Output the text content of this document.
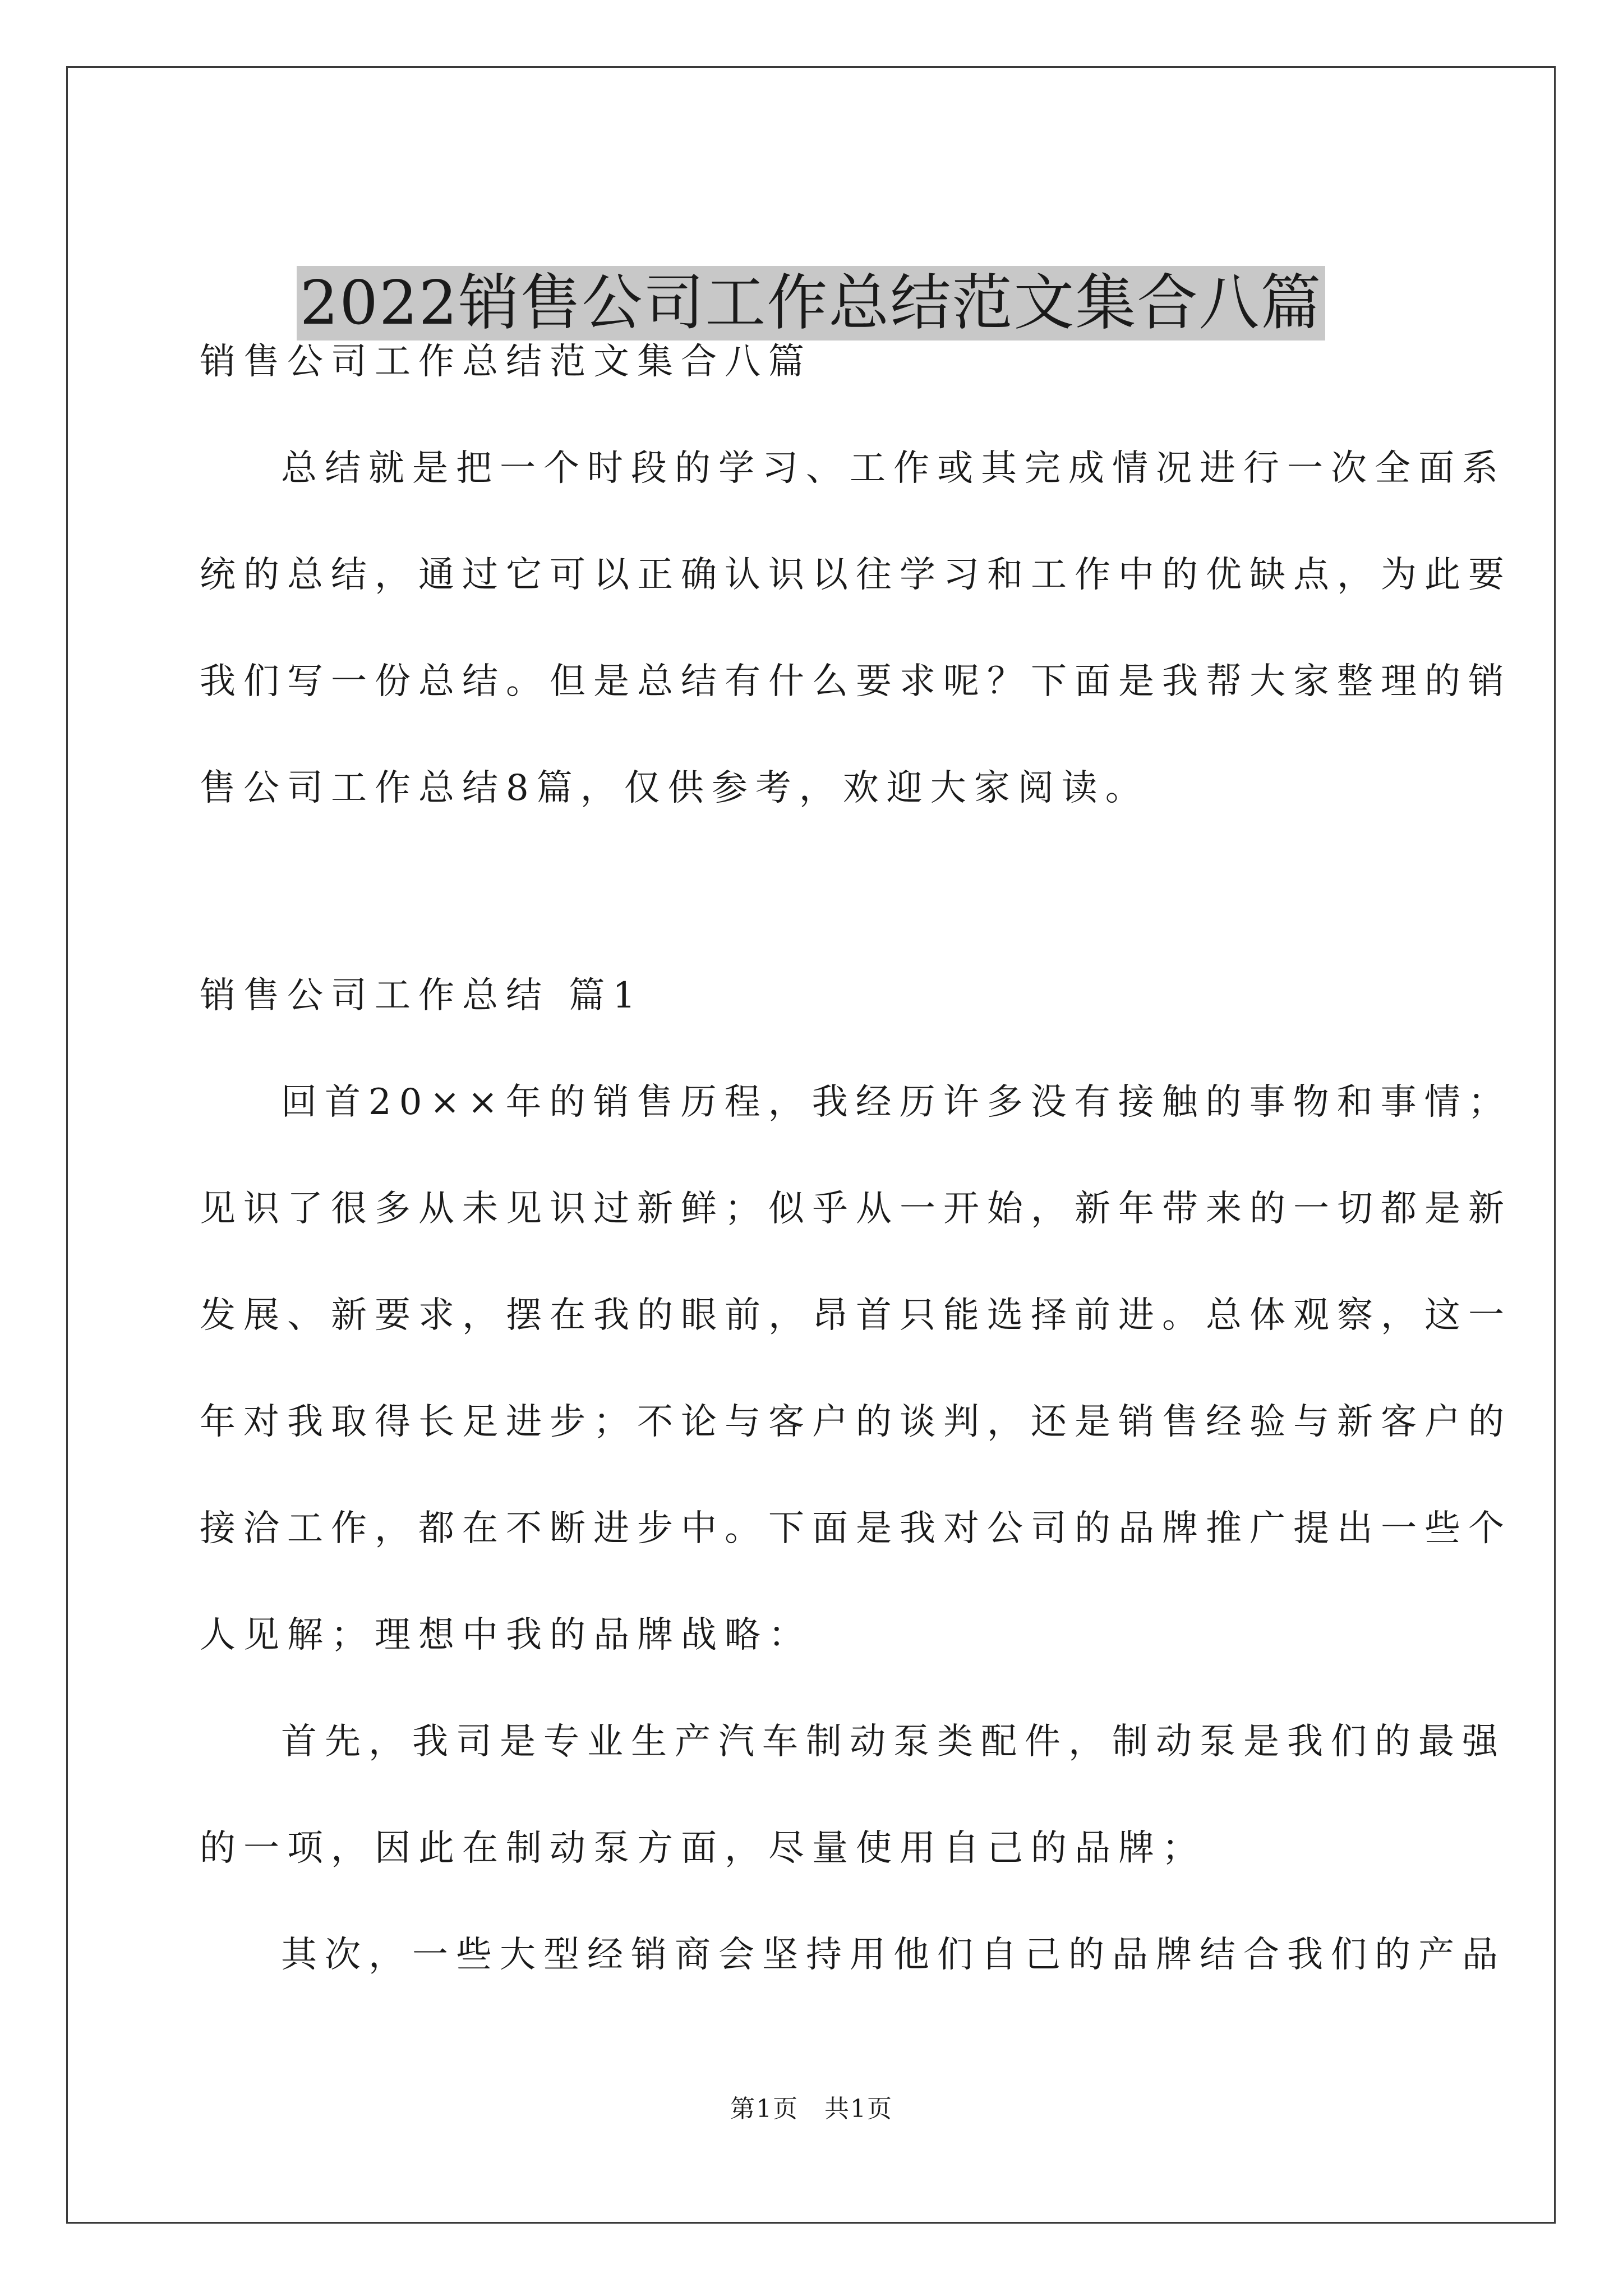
2022销售公司工作总结范文集合八篇
销售公司工作总结范文集合八篇
总结就是把一个时段的学习、工作或其完成情况进行一次全面系
统的总结，通过它可以正确认识以往学习和工作中的优缺点，为此要
我们写一份总结。但是总结有什么要求呢？下面是我帮大家整理的销
售公司工作总结8篇，仅供参考，欢迎大家阅读。
销售公司工作总结 篇1
回首20××年的销售历程，我经历许多没有接触的事物和事情；
见识了很多从未见识过新鲜；似乎从一开始，新年带来的一切都是新
发展、新要求，摆在我的眼前，昂首只能选择前进。总体观察，这一
年对我取得长足进步；不论与客户的谈判，还是销售经验与新客户的
接洽工作，都在不断进步中。下面是我对公司的品牌推广提出一些个
人见解；理想中我的品牌战略：
首先，我司是专业生产汽车制动泵类配件，制动泵是我们的最强
的一项，因此在制动泵方面，尽量使用自己的品牌；
其次，一些大型经销商会坚持用他们自己的品牌结合我们的产品
第1页　共1页
